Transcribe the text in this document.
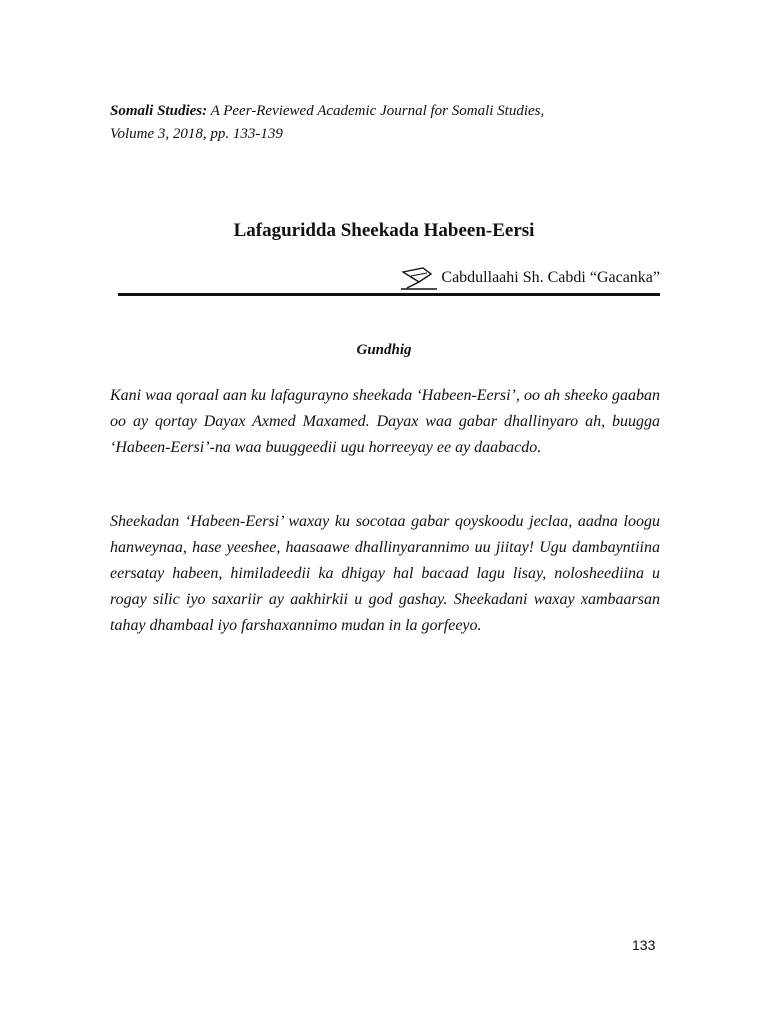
Somali Studies: A Peer-Reviewed Academic Journal for Somali Studies,
Volume 3, 2018, pp. 133-139
Lafaguridda Sheekada Habeen-Eersi
Cabdullaahi Sh. Cabdi “Gacanka”
Gundhig

Kani waa qoraal aan ku lafagurayno sheekada ‘Habeen-Eersi’, oo ah sheeko gaaban oo ay qortay Dayax Axmed Maxamed. Dayax waa gabar dhallinyaro ah, buugga ‘Habeen-Eersi’-na waa buuggeedii ugu horreeyay ee ay daabacdo.

Sheekadan ‘Habeen-Eersi’ waxay ku socotaa gabar qoyskoodu jeclaa, aadna loogu hanweynaa, hase yeeshee, haasaawe dhallinyarannimo uu jiitay! Ugu dambayntiina eersatay habeen, himiladeedii ka dhigay hal bacaad lagu lisay, nolosheediina u rogay silic iyo saxariir ay aakhirkii u god gashay. Sheekadani waxay xambaarsan tahay dhambaal iyo farshaxannimo mudan in la gorfeeyo.

133
